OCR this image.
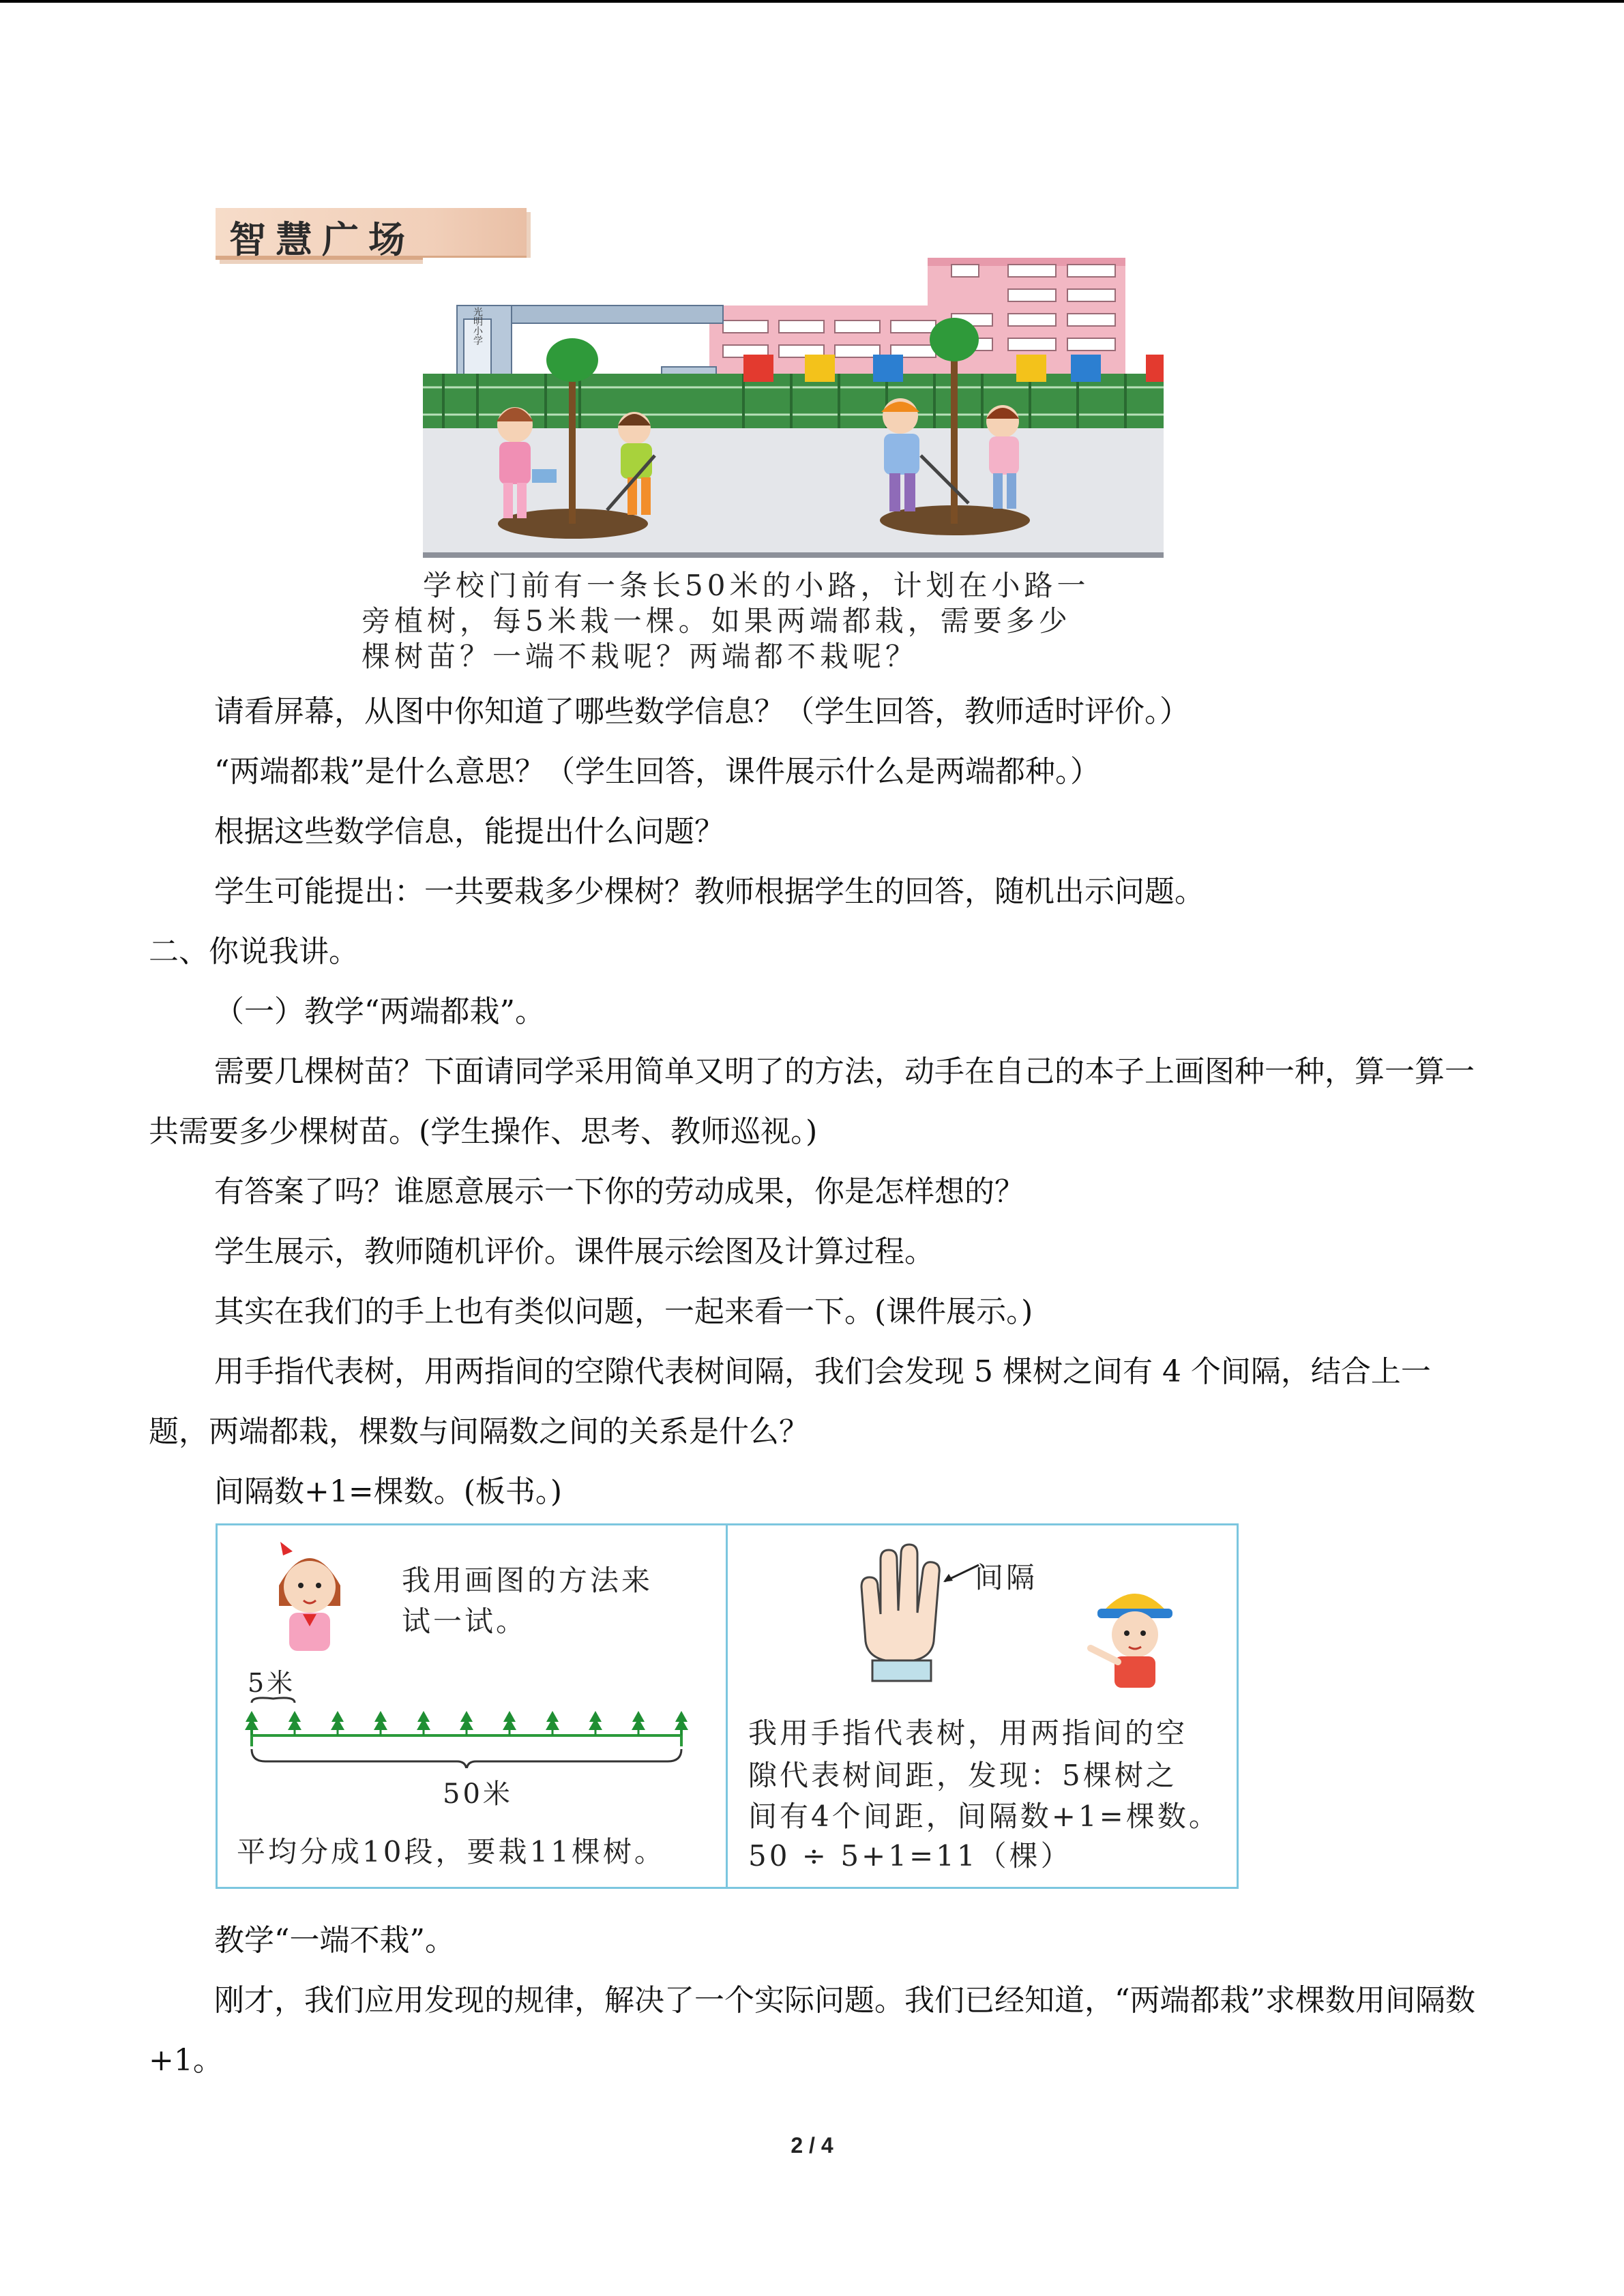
智慧广场
光明小学
学校门前有一条长50米的小路，计划在小路一
旁植树，每5米栽一棵。如果两端都栽，需要多少
棵树苗？一端不栽呢？两端都不栽呢？
请看屏幕，从图中你知道了哪些数学信息？（学生回答，教师适时评价。）
“两端都栽”是什么意思？（学生回答，课件展示什么是两端都种。）
根据这些数学信息，能提出什么问题？
学生可能提出：一共要栽多少棵树？教师根据学生的回答，随机出示问题。
二、你说我讲。
（一）教学“两端都栽”。
需要几棵树苗？下面请同学采用简单又明了的方法，动手在自己的本子上画图种一种，算一算一共需要多少棵树苗。(学生操作、思考、教师巡视。)
有答案了吗？谁愿意展示一下你的劳动成果，你是怎样想的？
学生展示，教师随机评价。课件展示绘图及计算过程。
其实在我们的手上也有类似问题，一起来看一下。(课件展示。)
用手指代表树，用两指间的空隙代表树间隔，我们会发现 5 棵树之间有 4 个间隔，结合上一题，两端都栽，棵数与间隔数之间的关系是什么？
间隔数+1=棵数。(板书。)
我用画图的方法来
试一试。
5米
50米
平均分成10段，要栽11棵树。
间隔
我用手指代表树，用两指间的空
隙代表树间距，发现：5棵树之
间有4个间距，间隔数+1=棵数。
50 ÷ 5+1=11（棵）
教学“一端不栽”。
刚才，我们应用发现的规律，解决了一个实际问题。我们已经知道，“两端都栽”求棵数用间隔数+1。
2 / 4
